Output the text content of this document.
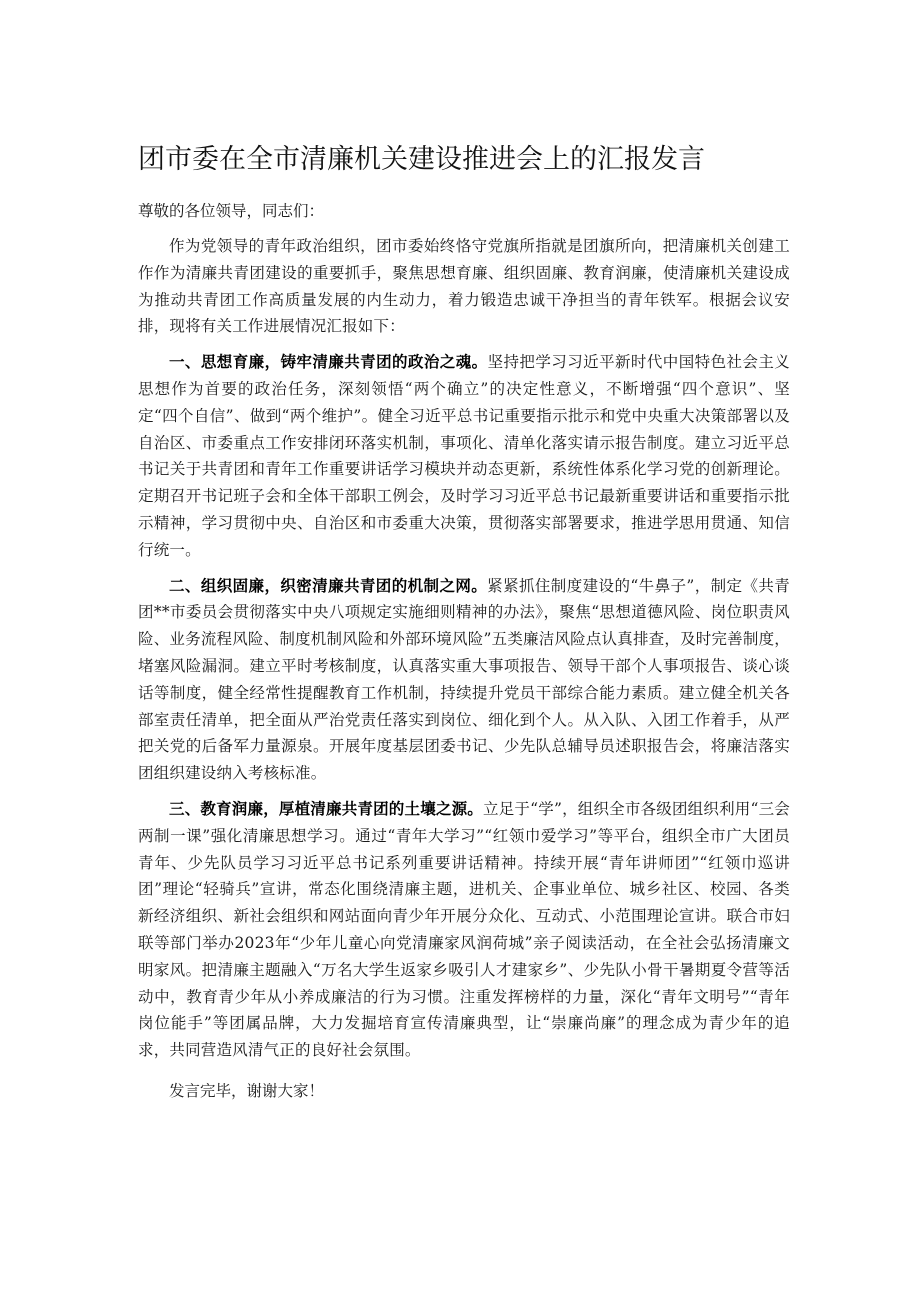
团市委在全市清廉机关建设推进会上的汇报发言

尊敬的各位领导，同志们：

作为党领导的青年政治组织，团市委始终恪守党旗所指就是团旗所向，把清廉机关创建工作作为清廉共青团建设的重要抓手，聚焦思想育廉、组织固廉、教育润廉，使清廉机关建设成为推动共青团工作高质量发展的内生动力，着力锻造忠诚干净担当的青年铁军。根据会议安排，现将有关工作进展情况汇报如下：

一、思想育廉，铸牢清廉共青团的政治之魂。坚持把学习习近平新时代中国特色社会主义思想作为首要的政治任务，深刻领悟“两个确立”的决定性意义，不断增强“四个意识”、坚定“四个自信”、做到“两个维护”。健全习近平总书记重要指示批示和党中央重大决策部署以及自治区、市委重点工作安排闭环落实机制，事项化、清单化落实请示报告制度。建立习近平总书记关于共青团和青年工作重要讲话学习模块并动态更新，系统性体系化学习党的创新理论。定期召开书记班子会和全体干部职工例会，及时学习习近平总书记最新重要讲话和重要指示批示精神，学习贯彻中央、自治区和市委重大决策，贯彻落实部署要求，推进学思用贯通、知信行统一。

二、组织固廉，织密清廉共青团的机制之网。紧紧抓住制度建设的“牛鼻子”，制定《共青团**市委员会贯彻落实中央八项规定实施细则精神的办法》，聚焦“思想道德风险、岗位职责风险、业务流程风险、制度机制风险和外部环境风险”五类廉洁风险点认真排查，及时完善制度，堵塞风险漏洞。建立平时考核制度，认真落实重大事项报告、领导干部个人事项报告、谈心谈话等制度，健全经常性提醒教育工作机制，持续提升党员干部综合能力素质。建立健全机关各部室责任清单，把全面从严治党责任落实到岗位、细化到个人。从入队、入团工作着手，从严把关党的后备军力量源泉。开展年度基层团委书记、少先队总辅导员述职报告会，将廉洁落实团组织建设纳入考核标准。

三、教育润廉，厚植清廉共青团的土壤之源。立足于“学”，组织全市各级团组织利用“三会两制一课”强化清廉思想学习。通过“青年大学习”“红领巾爱学习”等平台，组织全市广大团员青年、少先队员学习习近平总书记系列重要讲话精神。持续开展“青年讲师团”“红领巾巡讲团”理论“轻骑兵”宣讲，常态化围绕清廉主题，进机关、企事业单位、城乡社区、校园、各类新经济组织、新社会组织和网站面向青少年开展分众化、互动式、小范围理论宣讲。联合市妇联等部门举办2023年“少年儿童心向党清廉家风润荷城”亲子阅读活动，在全社会弘扬清廉文明家风。把清廉主题融入“万名大学生返家乡吸引人才建家乡”、少先队小骨干暑期夏令营等活动中，教育青少年从小养成廉洁的行为习惯。注重发挥榜样的力量，深化“青年文明号”“青年岗位能手”等团属品牌，大力发掘培育宣传清廉典型，让“崇廉尚廉”的理念成为青少年的追求，共同营造风清气正的良好社会氛围。

发言完毕，谢谢大家！
